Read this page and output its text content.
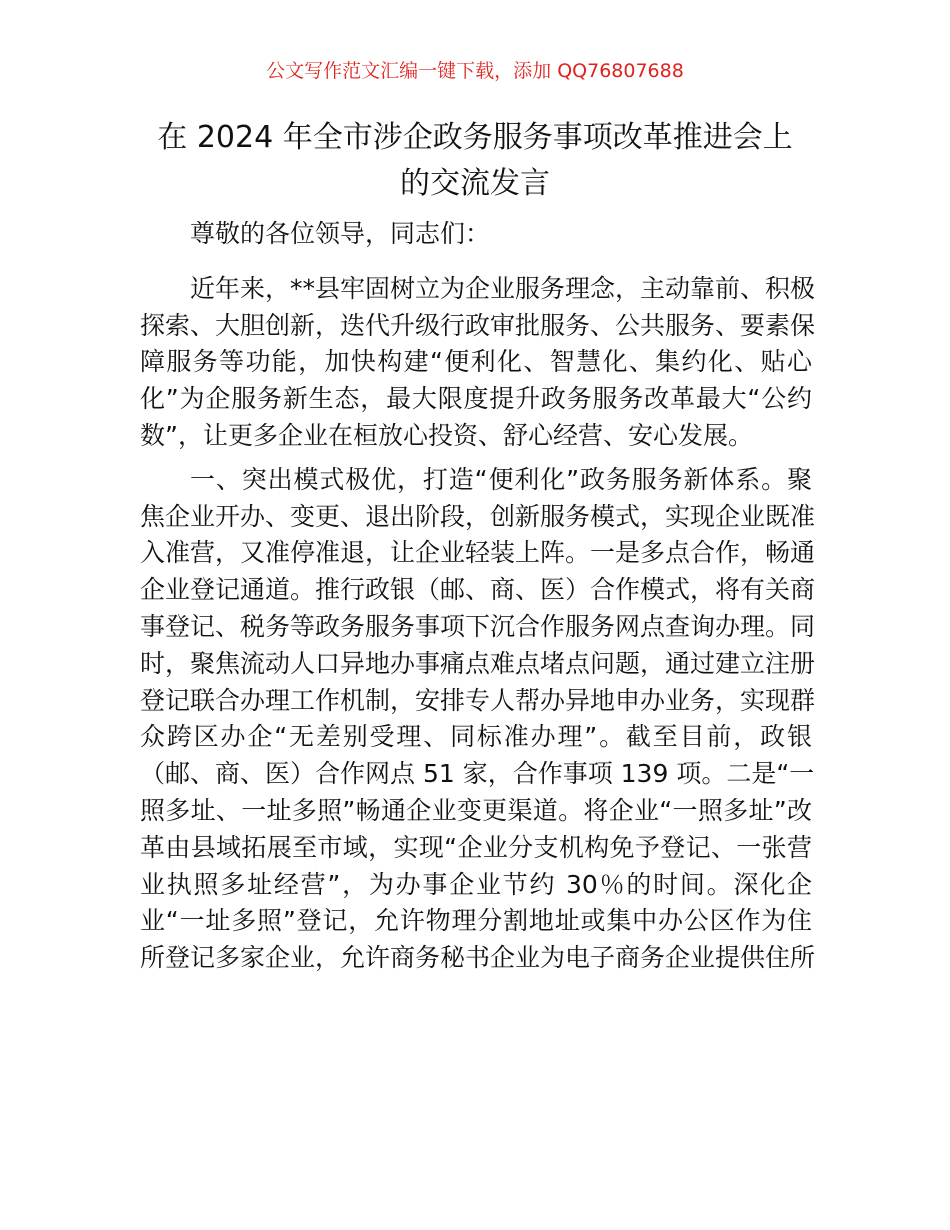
公文写作范文汇编一键下载，添加 QQ76807688
在 2024 年全市涉企政务服务事项改革推进会上
的交流发言
尊敬的各位领导，同志们：
近年来，**县牢固树立为企业服务理念，主动靠前、积极
探索、大胆创新，迭代升级行政审批服务、公共服务、要素保
障服务等功能，加快构建“便利化、智慧化、集约化、贴心
化”为企服务新生态，最大限度提升政务服务改革最大“公约
数”，让更多企业在桓放心投资、舒心经营、安心发展。
一、突出模式极优，打造“便利化”政务服务新体系。聚
焦企业开办、变更、退出阶段，创新服务模式，实现企业既准
入准营，又准停准退，让企业轻装上阵。一是多点合作，畅通
企业登记通道。推行政银（邮、商、医）合作模式，将有关商
事登记、税务等政务服务事项下沉合作服务网点查询办理。同
时，聚焦流动人口异地办事痛点难点堵点问题，通过建立注册
登记联合办理工作机制，安排专人帮办异地申办业务，实现群
众跨区办企“无差别受理、同标准办理”。截至目前，政银
（邮、商、医）合作网点 51 家，合作事项 139 项。二是“一
照多址、一址多照”畅通企业变更渠道。将企业“一照多址”改
革由县域拓展至市域，实现“企业分支机构免予登记、一张营
业执照多址经营”，为办事企业节约 30％的时间。深化企
业“一址多照”登记，允许物理分割地址或集中办公区作为住
所登记多家企业，允许商务秘书企业为电子商务企业提供住所
